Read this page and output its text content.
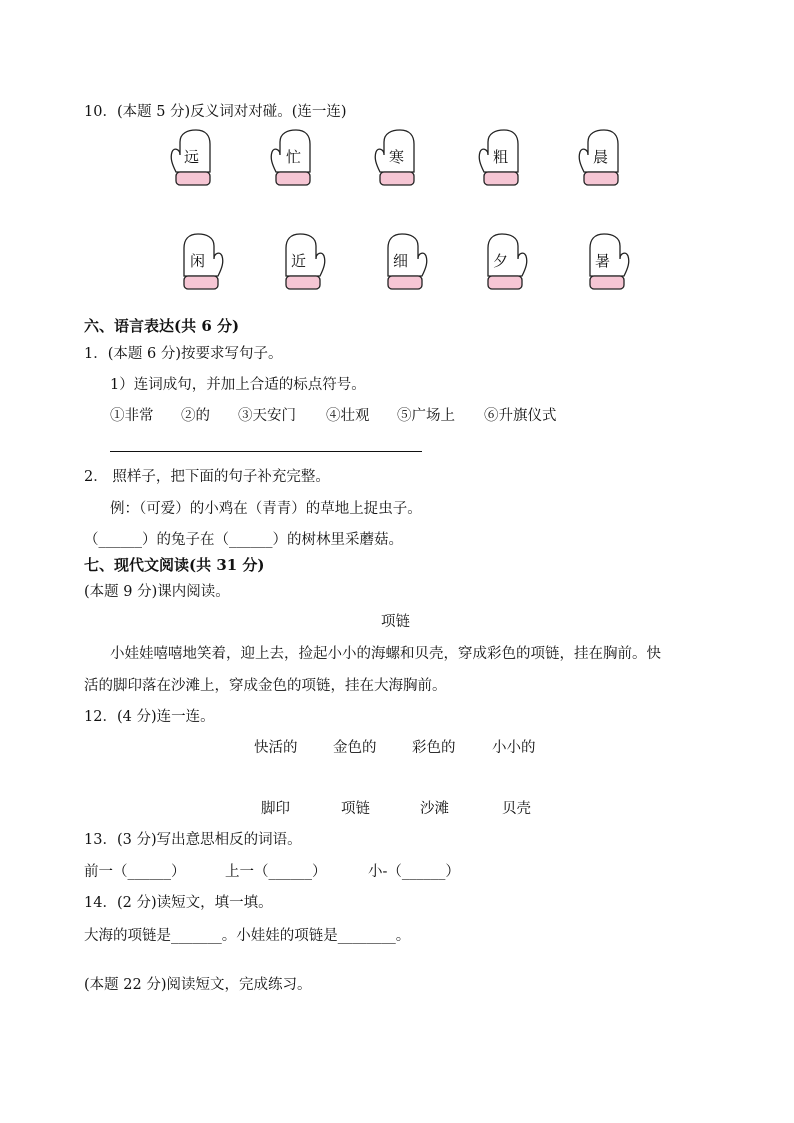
10．(本题 5 分)反义词对对碰。(连一连)
远	忙	寒	粗	晨
闲	近	细	夕	暑
六、语言表达(共 6 分)
1．(本题 6 分)按要求写句子。
1）连词成句，并加上合适的标点符号。
①非常 ②的 ③天安门 ④壮观 ⑤广场上 ⑥升旗仪式
2． 照样子，把下面的句子补充完整。
例：（可爱）的小鸡在（青青）的草地上捉虫子。
（______）的兔子在（______）的树林里采蘑菇。
七、现代文阅读(共 31 分)
(本题 9 分)课内阅读。
项链
小娃娃嘻嘻地笑着，迎上去，捡起小小的海螺和贝壳，穿成彩色的项链，挂在胸前。快
活的脚印落在沙滩上，穿成金色的项链，挂在大海胸前。
12．(4 分)连一连。
快活的 金色的 彩色的	小小的
脚印	项链	沙滩	贝壳
13．(3 分)写出意思相反的词语。
前一（______）	上一（______）	小-（______）
14．(2 分)读短文，填一填。
大海的项链是_______。小娃娃的项链是________。
(本题 22 分)阅读短文，完成练习。
